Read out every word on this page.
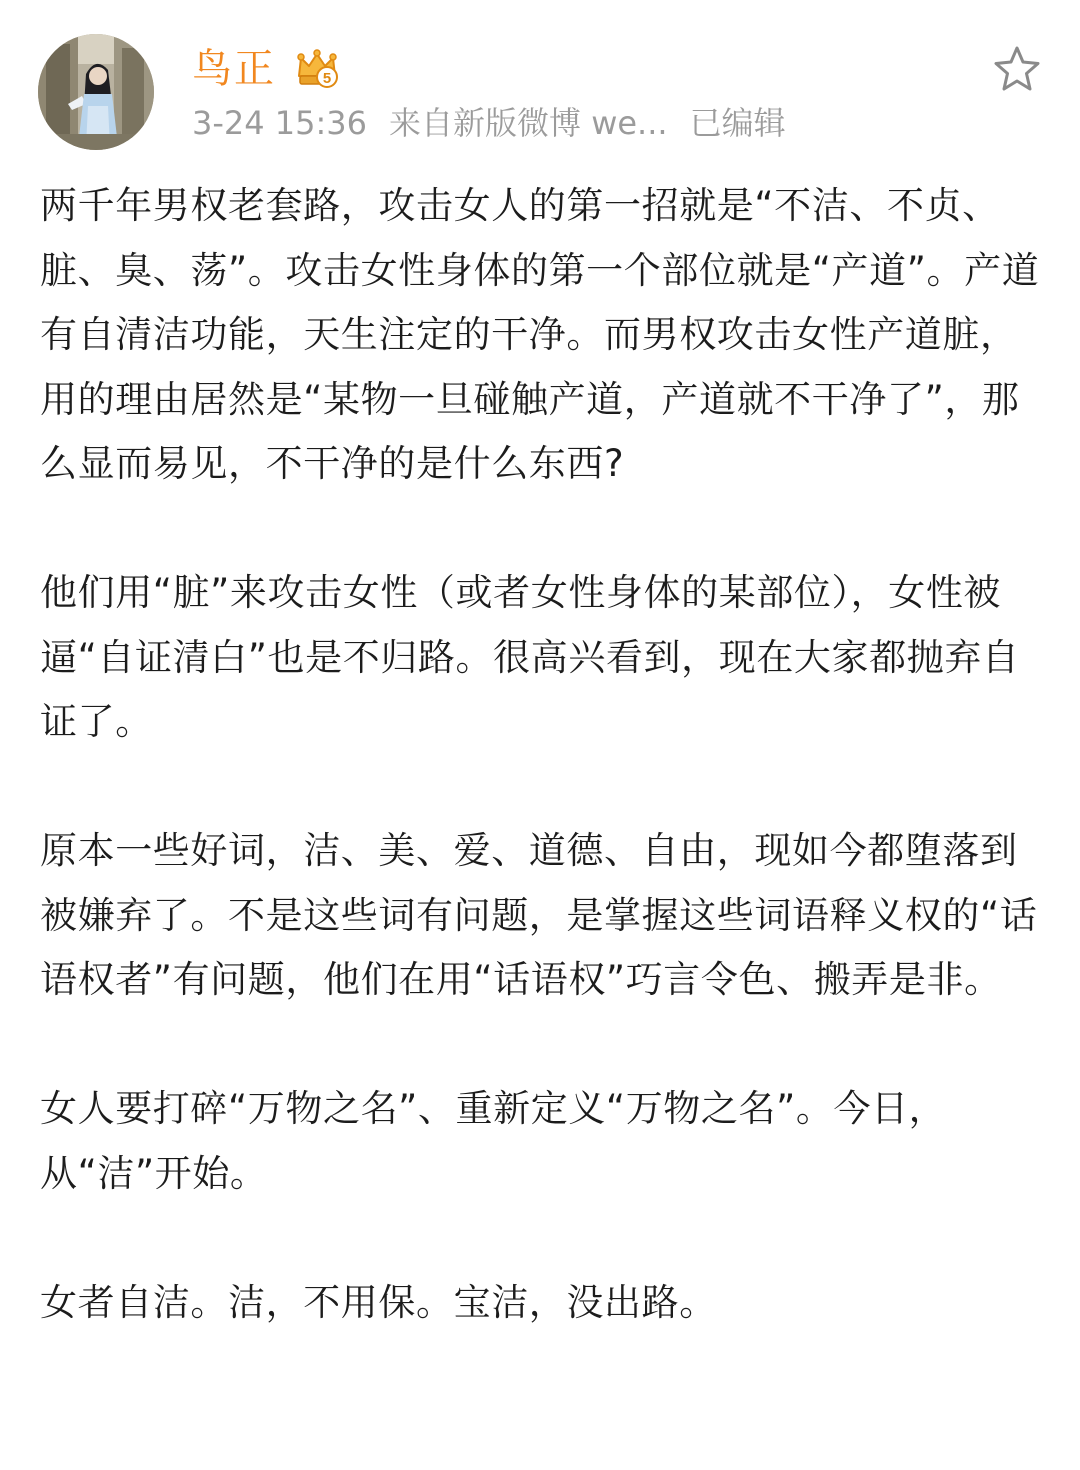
鸟正	5
3-24 15:36 来自新版微博 we... 已编辑

两千年男权老套路，攻击女人的第一招就是“不洁、不贞、脏、臭、荡”。攻击女性身体的第一个部位就是“产道”。产道有自清洁功能，天生注定的干净。而男权攻击女性产道脏，用的理由居然是“某物一旦碰触产道，产道就不干净了”，那么显而易见，不干净的是什么东西?

他们用“脏”来攻击女性（或者女性身体的某部位），女性被逼“自证清白”也是不归路。很高兴看到，现在大家都抛弃自证了。

原本一些好词，洁、美、爱、道德、自由，现如今都堕落到被嫌弃了。不是这些词有问题，是掌握这些词语释义权的“话语权者”有问题，他们在用“话语权”巧言令色、搬弄是非。

女人要打碎“万物之名”、重新定义“万物之名”。今日，从“洁”开始。

女者自洁。洁，不用保。宝洁，没出路。
